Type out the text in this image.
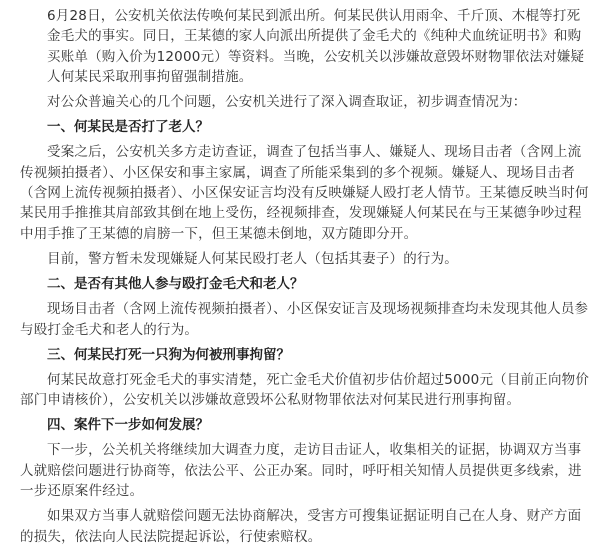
6月28日，公安机关依法传唤何某民到派出所。何某民供认用雨伞、千斤顶、木棍等打死金毛犬的事实。同日，王某德的家人向派出所提供了金毛犬的《纯种犬血统证明书》和购买账单（购入价为12000元）等资料。当晚，公安机关以涉嫌故意毁坏财物罪依法对嫌疑人何某民采取刑事拘留强制措施。

对公众普遍关心的几个问题，公安机关进行了深入调查取证，初步调查情况为：

一、何某民是否打了老人？

受案之后，公安机关多方走访查证，调查了包括当事人、嫌疑人、现场目击者（含网上流传视频拍摄者）、小区保安和事主家属，调查了所能采集到的多个视频。嫌疑人、现场目击者（含网上流传视频拍摄者）、小区保安证言均没有反映嫌疑人殴打老人情节。王某德反映当时何某民用手推推其肩部致其倒在地上受伤，经视频排查，发现嫌疑人何某民在与王某德争吵过程中用手推了王某德的肩膀一下，但王某德未倒地，双方随即分开。

目前，警方暂未发现嫌疑人何某民殴打老人（包括其妻子）的行为。

二、是否有其他人参与殴打金毛犬和老人？

现场目击者（含网上流传视频拍摄者）、小区保安证言及现场视频排查均未发现其他人员参与殴打金毛犬和老人的行为。

三、何某民打死一只狗为何被刑事拘留？

何某民故意打死金毛犬的事实清楚，死亡金毛犬价值初步估价超过5000元（目前正向物价部门申请核价），公安机关以涉嫌故意毁坏公私财物罪依法对何某民进行刑事拘留。

四、案件下一步如何发展？

下一步，公关机关将继续加大调查力度，走访目击证人，收集相关的证据，协调双方当事人就赔偿问题进行协商等，依法公平、公正办案。同时，呼吁相关知情人员提供更多线索，进一步还原案件经过。

如果双方当事人就赔偿问题无法协商解决，受害方可搜集证据证明自己在人身、财产方面的损失，依法向人民法院提起诉讼，行使索赔权。
